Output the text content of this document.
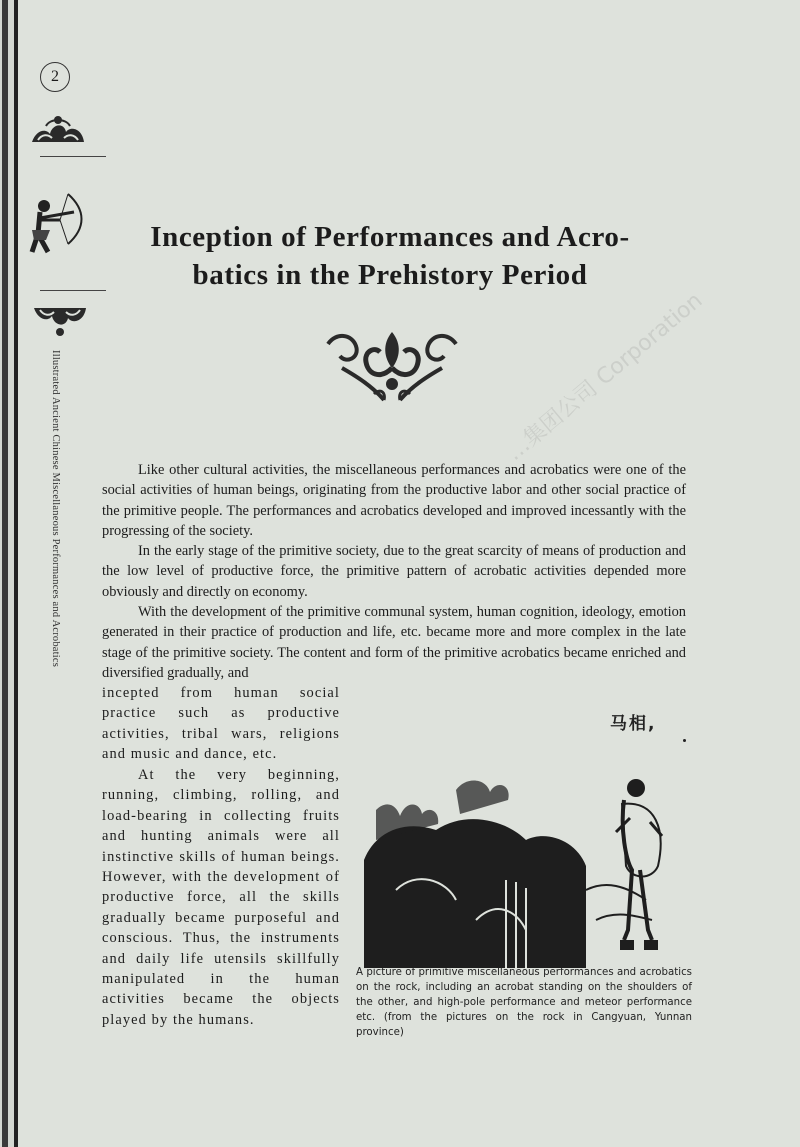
2
Illustrated Ancient Chinese Miscellaneous Performances and Acrobatics
Inception of Performances and Acro-
batics in the Prehistory Period
…集团公司 Corporation

Like other cultural activities, the miscellaneous performances and acrobatics were one of the social activities of human beings, originating from the productive labor and other social practice of the primitive people. The performances and acrobatics developed and improved incessantly with the progressing of the society.

In the early stage of the primitive society, due to the great scarcity of means of production and the low level of productive force, the primitive pattern of acrobatic activities depended more obviously and directly on economy.

With the development of the primitive communal system, human cognition, ideology, emotion generated in their practice of production and life, etc. became more and more complex in the late stage of the primitive society. The content and form of the primitive acrobatics became enriched and diversified gradually, and

incepted from human social practice such as productive activities, tribal wars, religions and music and dance, etc.

At the very beginning, running, climbing, rolling, and load-bearing in collecting fruits and hunting animals were all instinctive skills of human beings. However, with the development of productive force, all the skills gradually became purposeful and conscious. Thus, the instruments and daily life utensils skillfully manipulated in the human activities became the objects played by the humans.

马相,
A picture of primitive miscellaneous performances and acrobatics on the rock, including an acrobat standing on the shoulders of the other, and high-pole performance and meteor performance etc. (from the pictures on the rock in Cangyuan, Yunnan province)
